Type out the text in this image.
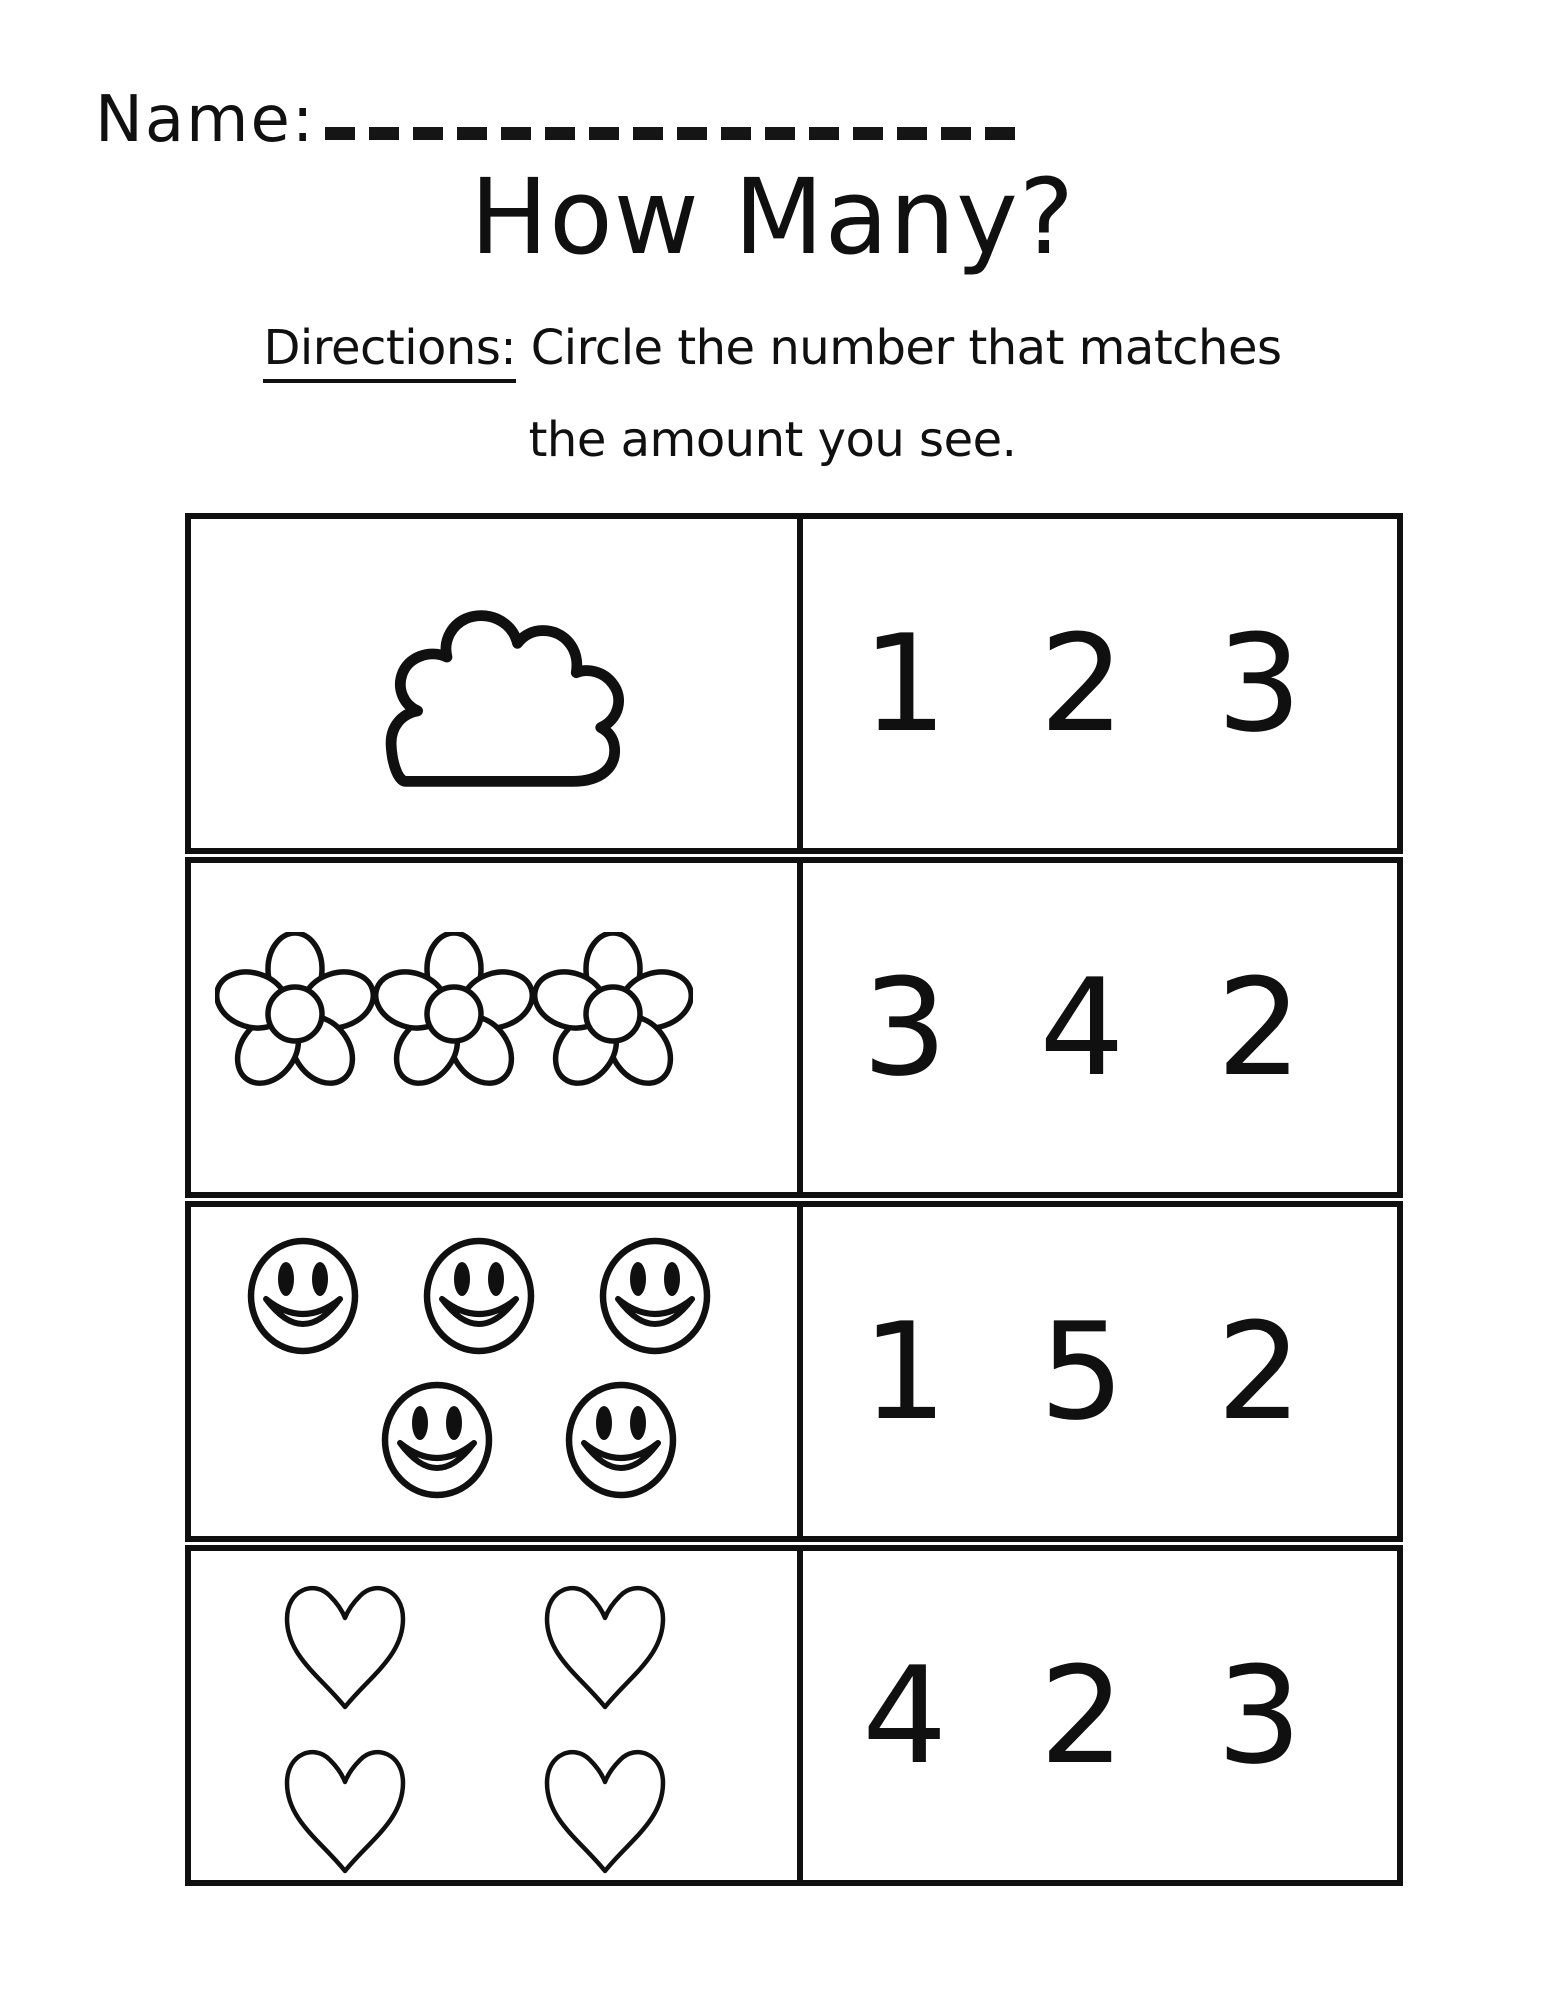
Name:
How Many?
Directions: Circle the number that matches
the amount you see.
1 2 3
3 4 2
1 5 2
4 2 3
